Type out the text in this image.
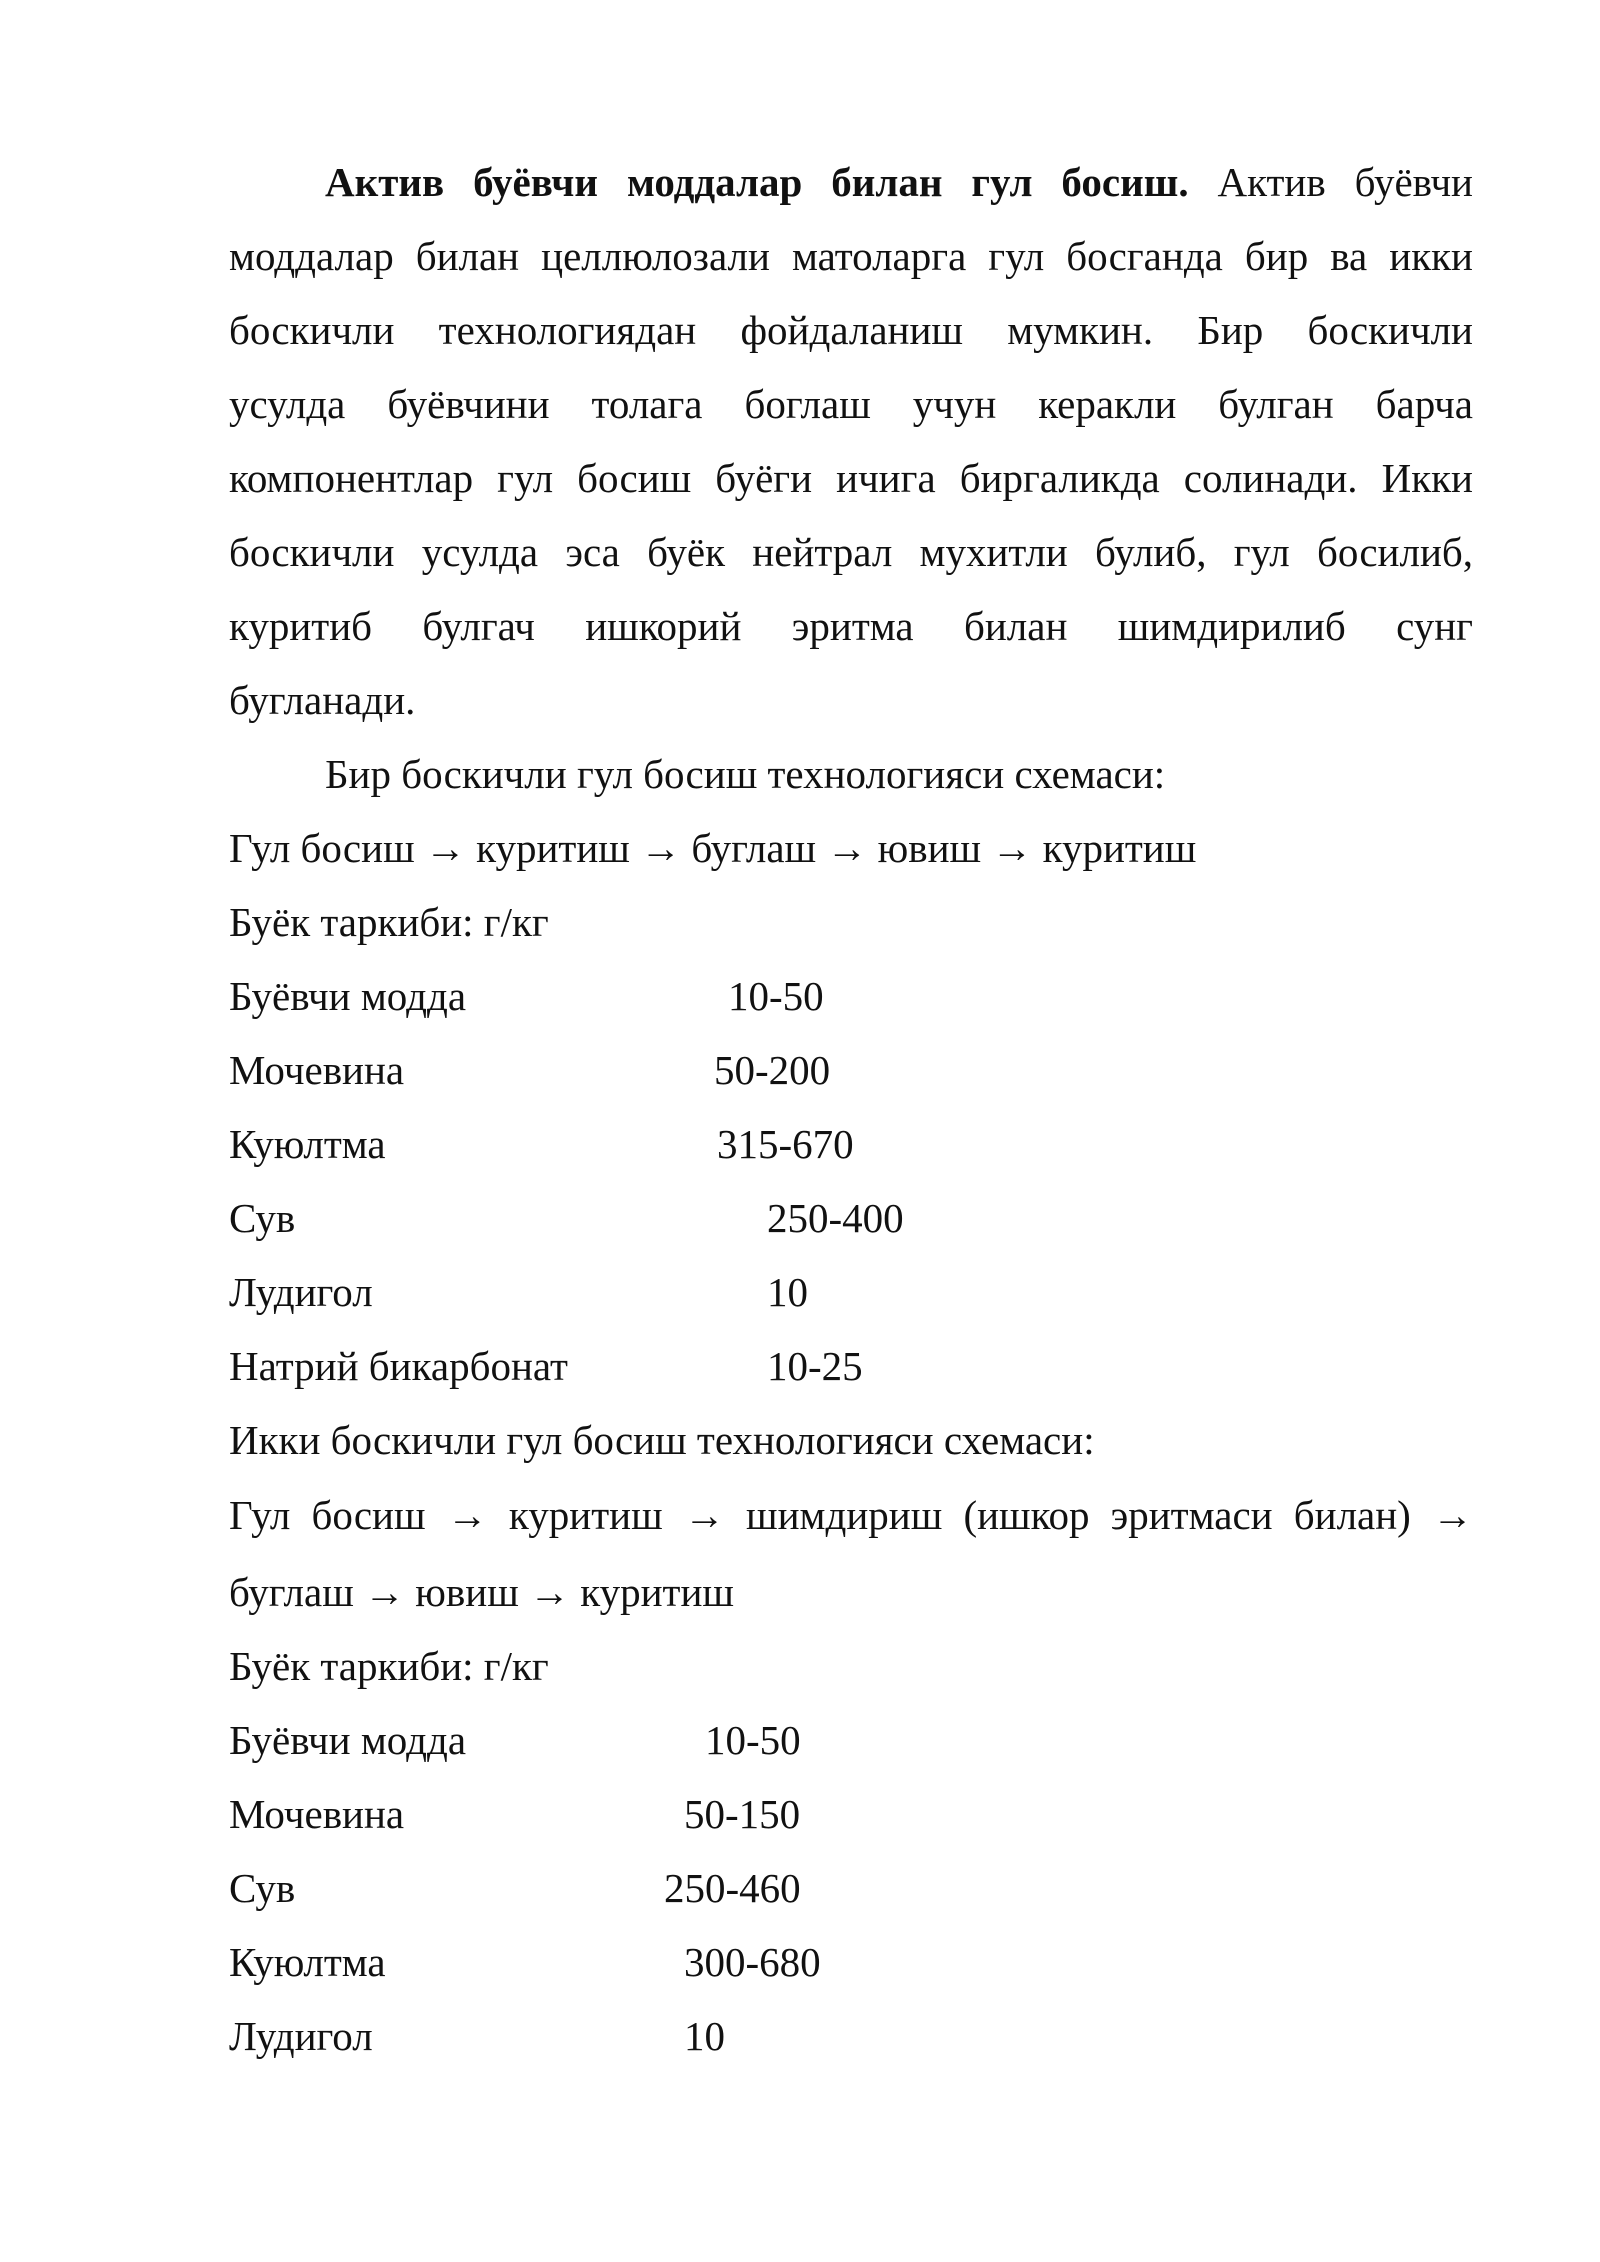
Актив буёвчи моддалар билан гул босиш. Актив буёвчи
моддалар билан целлюлозали матоларга гул босганда бир ва икки
боскичли технологиядан фойдаланиш мумкин. Бир боскичли
усулда буёвчини толага боглаш учун керакли булган барча
компонентлар гул босиш буёги ичига биргаликда солинади. Икки
боскичли усулда эса буёк нейтрал мухитли булиб, гул босилиб,
куритиб булгач ишкорий эритма билан шимдирилиб сунг
бугланади.
Бир боскичли гул босиш технологияси схемаси:
Гул босиш → куритиш → буглаш → ювиш → куритиш
Буёк таркиби: г/кг
Буёвчи модда	10-50
Мочевина	50-200
Куюлтма	315-670
Сув	250-400
Лудигол	10
Натрий бикарбонат	10-25
Икки боскичли гул босиш технологияси схемаси:
Гул босиш → куритиш → шимдириш (ишкор эритмаси билан) →
буглаш → ювиш → куритиш
Буёк таркиби: г/кг
Буёвчи модда	10-50
Мочевина	50-150
Сув	250-460
Куюлтма	300-680
Лудигол	10
